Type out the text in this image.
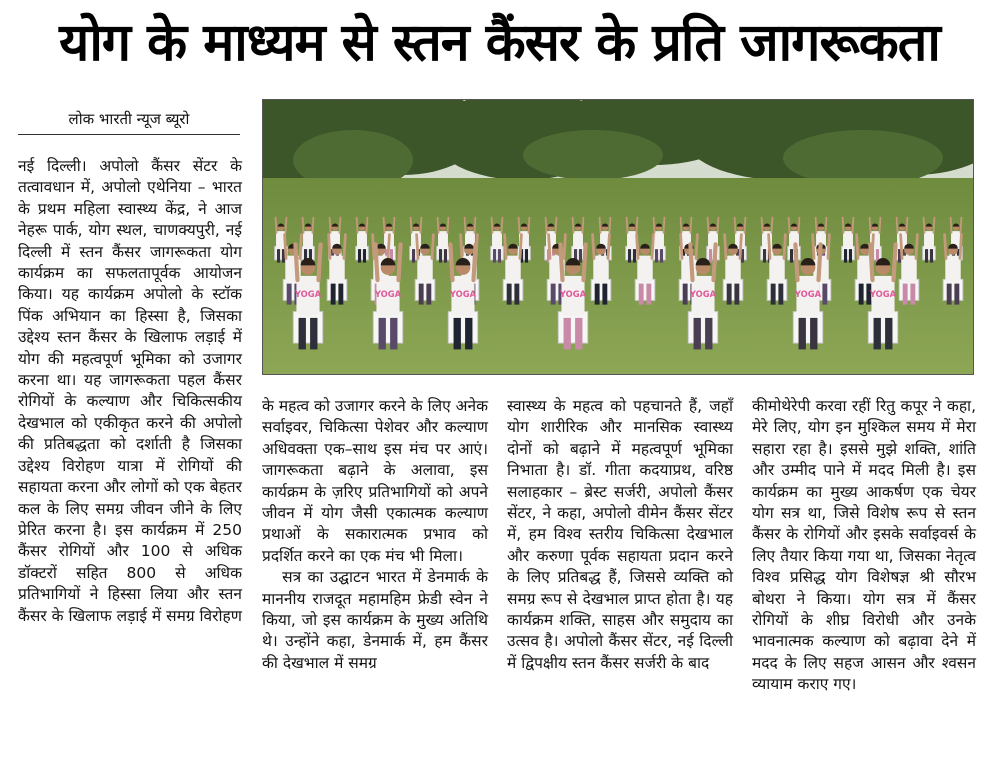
योग के माध्यम से स्तन कैंसर के प्रति जागरूकता
लोक भारती न्यूज ब्यूरो

नई दिल्ली। अपोलो कैंसर सेंटर के तत्वावधान में, अपोलो एथेनिया – भारत के प्रथम महिला स्वास्थ्य केंद्र, ने आज नेहरू पार्क, योग स्थल, चाणक्यपुरी, नई दिल्ली में स्तन कैंसर जागरूकता योग कार्यक्रम का सफलतापूर्वक आयोजन किया। यह कार्यक्रम अपोलो के स्टॉक पिंक अभियान का हिस्सा है, जिसका उद्देश्य स्तन कैंसर के खिलाफ लड़ाई में योग की महत्वपूर्ण भूमिका को उजागर करना था। यह जागरूकता पहल कैंसर रोगियों के कल्याण और चिकित्सकीय देखभाल को एकीकृत करने की अपोलो की प्रतिबद्धता को दर्शाती है जिसका उद्देश्य विरोहण यात्रा में रोगियों की सहायता करना और लोगों को एक बेहतर कल के लिए समग्र जीवन जीने के लिए प्रेरित करना है। इस कार्यक्रम में 250 कैंसर रोगियों और 100 से अधिक डॉक्टरों सहित 800 से अधिक प्रतिभागियों ने हिस्सा लिया और स्तन कैंसर के खिलाफ लड़ाई में समग्र विरोहण

YOGA	YOGA	YOGA	YOGA	YOGA	YOGA	YOGA

के महत्व को उजागर करने के लिए अनेक सर्वाइवर, चिकित्सा पेशेवर और कल्याण अधिवक्ता एक–साथ इस मंच पर आएं। जागरूकता बढ़ाने के अलावा, इस कार्यक्रम के ज़रिए प्रतिभागियों को अपने जीवन में योग जैसी एकात्मक कल्याण प्रथाओं के सकारात्मक प्रभाव को प्रदर्शित करने का एक मंच भी मिला।

सत्र का उद्घाटन भारत में डेनमार्क के माननीय राजदूत महामहिम फ्रेडी स्वेन ने किया, जो इस कार्यक्रम के मुख्य अतिथि थे। उन्होंने कहा, डेनमार्क में, हम कैंसर की देखभाल में समग्र

स्वास्थ्य के महत्व को पहचानते हैं, जहाँ योग शारीरिक और मानसिक स्वास्थ्य दोनों को बढ़ाने में महत्वपूर्ण भूमिका निभाता है। डॉ. गीता कदयाप्रथ, वरिष्ठ सलाहकार – ब्रेस्ट सर्जरी, अपोलो कैंसर सेंटर, ने कहा, अपोलो वीमेन कैंसर सेंटर में, हम विश्व स्तरीय चिकित्सा देखभाल और करुणा पूर्वक सहायता प्रदान करने के लिए प्रतिबद्ध हैं, जिससे व्यक्ति को समग्र रूप से देखभाल प्राप्त होता है। यह कार्यक्रम शक्ति, साहस और समुदाय का उत्सव है। अपोलो कैंसर सेंटर, नई दिल्ली में द्विपक्षीय स्तन कैंसर सर्जरी के बाद

कीमोथेरेपी करवा रहीं रितु कपूर ने कहा, मेरे लिए, योग इन मुश्किल समय में मेरा सहारा रहा है। इससे मुझे शक्ति, शांति और उम्मीद पाने में मदद मिली है। इस कार्यक्रम का मुख्य आकर्षण एक चेयर योग सत्र था, जिसे विशेष रूप से स्तन कैंसर के रोगियों और इसके सर्वाइवर्स के लिए तैयार किया गया था, जिसका नेतृत्व विश्व प्रसिद्ध योग विशेषज्ञ श्री सौरभ बोथरा ने किया। योग सत्र में कैंसर रोगियों के शीघ्र विरोधी और उनके भावनात्मक कल्याण को बढ़ावा देने में मदद के लिए सहज आसन और श्वसन व्यायाम कराए गए।
